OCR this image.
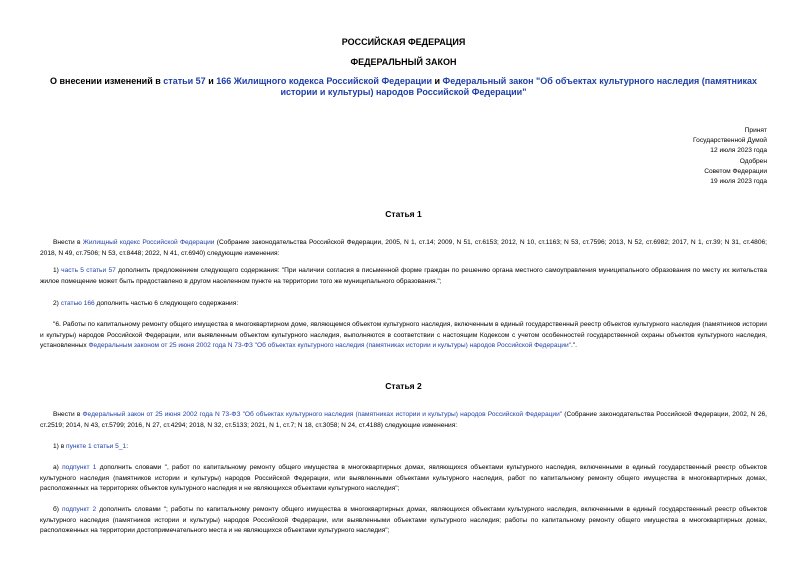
РОССИЙСКАЯ ФЕДЕРАЦИЯ
ФЕДЕРАЛЬНЫЙ ЗАКОН
О внесении изменений в статьи 57 и 166 Жилищного кодекса Российской Федерации и Федеральный закон "Об объектах культурного наследия (памятниках истории и культуры) народов Российской Федерации"
Принят
Государственной Думой
12 июля 2023 года
Одобрен
Советом Федерации
19 июля 2023 года
Статья 1
Внести в Жилищный кодекс Российской Федерации (Собрание законодательства Российской Федерации, 2005, N 1, ст.14; 2009, N 51, ст.6153; 2012, N 10, ст.1163; N 53, ст.7596; 2013, N 52, ст.6982; 2017, N 1, ст.39; N 31, ст.4806; 2018, N 49, ст.7506; N 53, ст.8448; 2022, N 41, ст.6940) следующие изменения:
1) часть 5 статьи 57 дополнить предложением следующего содержания: "При наличии согласия в письменной форме граждан по решению органа местного самоуправления муниципального образования по месту их жительства жилое помещение может быть предоставлено в другом населенном пункте на территории того же муниципального образования.";
2) статью 166 дополнить частью 6 следующего содержания:
"6. Работы по капитальному ремонту общего имущества в многоквартирном доме, являющемся объектом культурного наследия, включенным в единый государственный реестр объектов культурного наследия (памятников истории и культуры) народов Российской Федерации, или выявленным объектом культурного наследия, выполняются в соответствии с настоящим Кодексом с учетом особенностей государственной охраны объектов культурного наследия, установленных Федеральным законом от 25 июня 2002 года N 73-ФЗ "Об объектах культурного наследия (памятниках истории и культуры) народов Российской Федерации".".
Статья 2
Внести в Федеральный закон от 25 июня 2002 года N 73-ФЗ "Об объектах культурного наследия (памятниках истории и культуры) народов Российской Федерации" (Собрание законодательства Российской Федерации, 2002, N 26, ст.2519; 2014, N 43, ст.5799; 2016, N 27, ст.4294; 2018, N 32, ст.5133; 2021, N 1, ст.7; N 18, ст.3058; N 24, ст.4188) следующие изменения:
1) в пункте 1 статьи 5_1:
а) подпункт 1 дополнить словами ", работ по капитальному ремонту общего имущества в многоквартирных домах, являющихся объектами культурного наследия, включенными в единый государственный реестр объектов культурного наследия (памятников истории и культуры) народов Российской Федерации, или выявленными объектами культурного наследия, работ по капитальному ремонту общего имущества в многоквартирных домах, расположенных на территориях объектов культурного наследия и не являющихся объектами культурного наследия";
б) подпункт 2 дополнить словами "; работы по капитальному ремонту общего имущества в многоквартирных домах, являющихся объектами культурного наследия, включенными в единый государственный реестр объектов культурного наследия (памятников истории и культуры) народов Российской Федерации, или выявленными объектами культурного наследия; работы по капитальному ремонту общего имущества в многоквартирных домах, расположенных на территории достопримечательного места и не являющихся объектами культурного наследия";
